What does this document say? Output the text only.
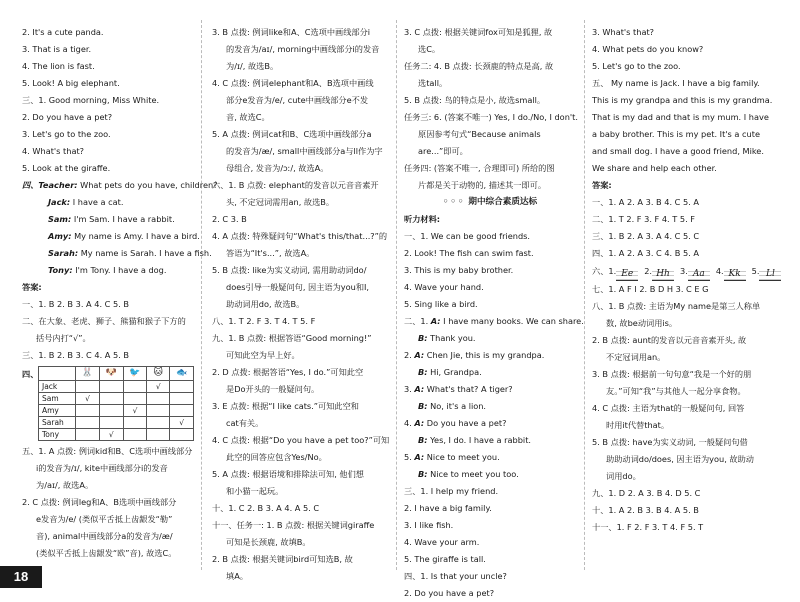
2. It's a cute panda.
3. That is a tiger.
4. The lion is fast.
5. Look! A big elephant.
三、1. Good morning, Miss White.
2. Do you have a pet?
3. Let's go to the zoo.
4. What's that?
5. Look at the giraffe.
四、Teacher: What pets do you have, children?
Jack: I have a cat.
Sam: I'm Sam. I have a rabbit.
Amy: My name is Amy. I have a bird.
Sarah: My name is Sarah. I have a fish.
Tony: I'm Tony. I have a dog.
答案:
一、1. B 2. B 3. A 4. C 5. B
二、在大象、老虎、狮子、熊猫和猴子下方的
括号内打“√”。
三、1. B 2. B 3. C 4. A 5. B
四、
		🐰	🐶	🐦	🐱	🐟
Jack				√	
Sam	√				
Amy			√		
Sarah					√
Tony		√			
五、1. A 点拨: 例词kid和B、C选项中画线部分
i的发音为/ɪ/, kite中画线部分i的发音
为/aɪ/, 故选A。
2. C 点拨: 例词leg和A、B选项中画线部分
e发音为/e/ (类似平舌抵上齿龈发“勒”
音), animal中画线部分a的发音为/æ/
(类似平舌抵上齿龈发“欧”音), 故选C。
3. B 点拨: 例词like和A、C选项中画线部分i
的发音为/aɪ/, morning中画线部分i的发音
为/ɪ/, 故选B。
4. C 点拨: 例词elephant和A、B选项中画线
部分e发音为/e/, cute中画线部分e不发
音, 故选C。
5. A 点拨: 例词cat和B、C选项中画线部分a
的发音为/æ/, small中画线部分a与ll作为字
母组合, 发音为/ɔː/, 故选A。
六、1. B 点拨: elephant的发音以元音音素开
头, 不定冠词需用an, 故选B。
2. C 3. B
4. A 点拨: 特殊疑问句“What's this/that...?”的
答语为“It's...”, 故选A。
5. B 点拨: like为实义动词, 需用助动词do/
does引导一般疑问句, 因主语为you和I,
助动词用do, 故选B。
八、1. T 2. F 3. T 4. T 5. F
九、1. B 点拨: 根据答语“Good morning!”
可知此空为早上好。
2. D 点拨: 根据答语“Yes, I do.”可知此空
是Do开头的一般疑问句。
3. E 点拨: 根据“I like cats.”可知此空和
cat有关。
4. C 点拨: 根据“Do you have a pet too?”可知
此空的回答应包含Yes/No。
5. A 点拨: 根据语境和排除法可知, 他们想
和小猫一起玩。
十、1. C 2. B 3. A 4. A 5. C
十一、任务一: 1. B 点拨: 根据关键词giraffe
可知是长颈鹿, 故填B。
2. B 点拨: 根据关键词bird可知选B, 故
填A。
3. C 点拨: 根据关键词fox可知是狐狸, 故
选C。
任务二: 4. B 点拨: 长颈鹿的特点是高, 故
选tall。
5. B 点拨: 鸟的特点是小, 故选small。
任务三: 6. (答案不唯一) Yes, I do./No, I don't.
原因参考句式“Because animals
are...”即可。
任务四: (答案不唯一, 合理即可) 所给的图
片都是关于动物的, 描述其一即可。
◦◦◦ 期中综合素质达标
听力材料:
一、1. We can be good friends.
2. Look! The fish can swim fast.
3. This is my baby brother.
4. Wave your hand.
5. Sing like a bird.
二、1. A: I have many books. We can share.
B: Thank you.
2. A: Chen Jie, this is my grandpa.
B: Hi, Grandpa.
3. A: What's that? A tiger?
B: No, it's a lion.
4. A: Do you have a pet?
B: Yes, I do. I have a rabbit.
5. A: Nice to meet you.
B: Nice to meet you too.
三、1. I help my friend.
2. I have a big family.
3. I like fish.
4. Wave your arm.
5. The giraffe is tall.
四、1. Is that your uncle?
2. Do you have a pet?
3. What's that?
4. What pets do you know?
5. Let's go to the zoo.
五、 My name is Jack. I have a big family.
This is my grandpa and this is my grandma.
That is my dad and that is my mum. I have
a baby brother. This is my pet. It's a cute
and small dog. I have a good friend, Mike.
We share and help each other.
答案:
一、1. A 2. A 3. B 4. C 5. A
二、1. T 2. F 3. F 4. T 5. F
三、1. B 2. A 3. A 4. C 5. C
四、1. A 2. A 3. C 4. B 5. A
六、1. Ee 2. Hh 3. Aa 4. Kk 5. Ll
七、1. A F I 2. B D H 3. C E G
八、1. B 点拨: 主语为My name是第三人称单
数, 故be动词用is。
2. B 点拨: aunt的发音以元音音素开头, 故
不定冠词用an。
3. B 点拨: 根据前一句句意“我是一个好的朋
友。”可知“我”与其他人一起分享食物。
4. C 点拨: 主语为that的一般疑问句, 回答
时用it代替that。
5. B 点拨: have为实义动词, 一般疑问句借
助助动词do/does, 因主语为you, 故助动
词用do。
九、1. D 2. A 3. B 4. D 5. C
十、1. A 2. B 3. B 4. A 5. B
十一、1. F 2. F 3. T 4. F 5. T
18
